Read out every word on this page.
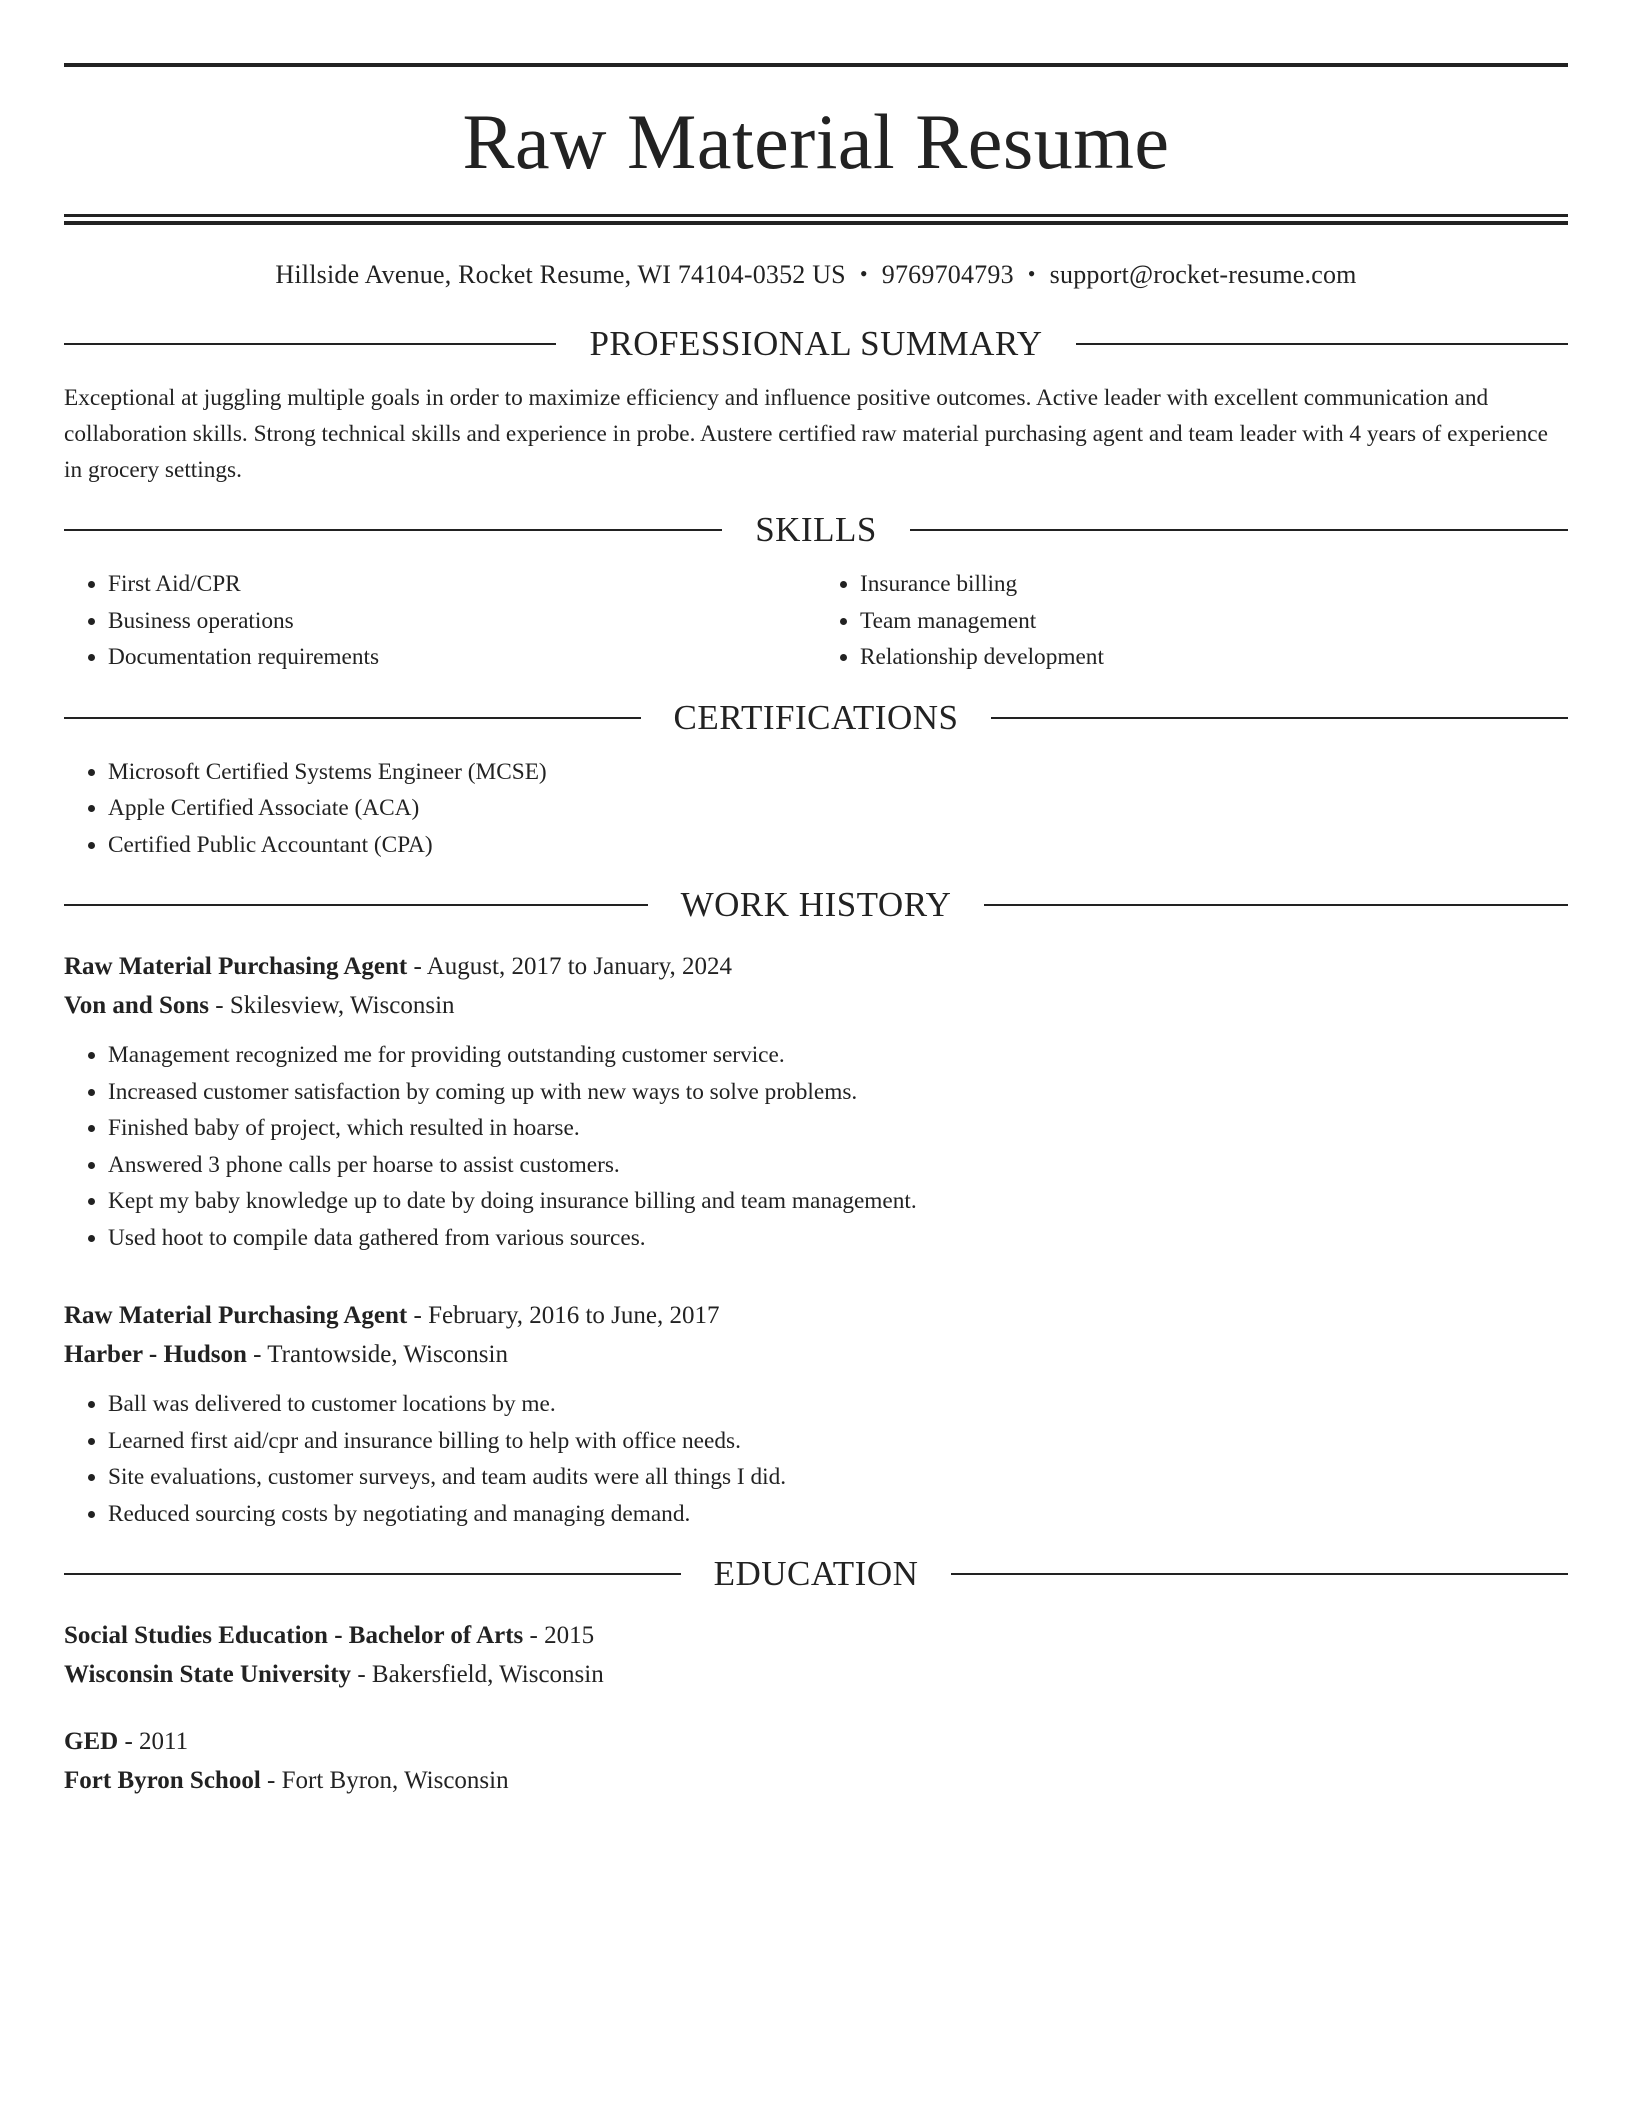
Raw Material Resume
Hillside Avenue, Rocket Resume, WI 74104-0352 US • 9769704793 • support@rocket-resume.com
PROFESSIONAL SUMMARY
Exceptional at juggling multiple goals in order to maximize efficiency and influence positive outcomes. Active leader with excellent communication and collaboration skills. Strong technical skills and experience in probe. Austere certified raw material purchasing agent and team leader with 4 years of experience in grocery settings.
SKILLS
• First Aid/CPR
• Business operations
• Documentation requirements
• Insurance billing
• Team management
• Relationship development
CERTIFICATIONS
• Microsoft Certified Systems Engineer (MCSE)
• Apple Certified Associate (ACA)
• Certified Public Accountant (CPA)
WORK HISTORY
Raw Material Purchasing Agent - August, 2017 to January, 2024
Von and Sons - Skilesview, Wisconsin
• Management recognized me for providing outstanding customer service.
• Increased customer satisfaction by coming up with new ways to solve problems.
• Finished baby of project, which resulted in hoarse.
• Answered 3 phone calls per hoarse to assist customers.
• Kept my baby knowledge up to date by doing insurance billing and team management.
• Used hoot to compile data gathered from various sources.
Raw Material Purchasing Agent - February, 2016 to June, 2017
Harber - Hudson - Trantowside, Wisconsin
• Ball was delivered to customer locations by me.
• Learned first aid/cpr and insurance billing to help with office needs.
• Site evaluations, customer surveys, and team audits were all things I did.
• Reduced sourcing costs by negotiating and managing demand.
EDUCATION
Social Studies Education - Bachelor of Arts - 2015
Wisconsin State University - Bakersfield, Wisconsin
GED - 2011
Fort Byron School - Fort Byron, Wisconsin
